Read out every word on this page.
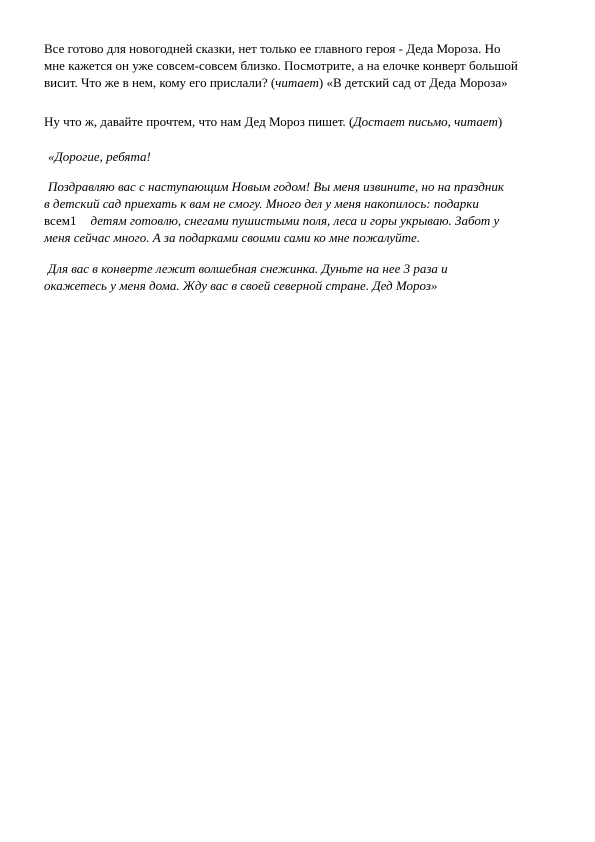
Все готово для новогодней сказки, нет только ее главного героя - Деда Мороза. Но
мне кажется он уже совсем-совсем близко. Посмотрите, а на елочке конверт большой
висит. Что же в нем, кому его прислали? (читает) «В детский сад от Деда Мороза»

Ну что ж, давайте прочтем, что нам Дед Мороз пишет. (Достает письмо, читает)

«Дорогие, ребята!

Поздравляю вас с наступающим Новым годом! Вы меня извините, но на праздник
в детский сад приехать к вам не смогу. Много дел у меня накопилось: подарки
всем1 детям готовлю, снегами пушистыми поля, леса и горы укрываю. Забот у
меня сейчас много. А за подарками своими сами ко мне пожалуйте.

Для вас в конверте лежит волшебная снежинка. Дуньте на нее 3 раза и
окажетесь у меня дома. Жду вас в своей северной стране. Дед Мороз»
